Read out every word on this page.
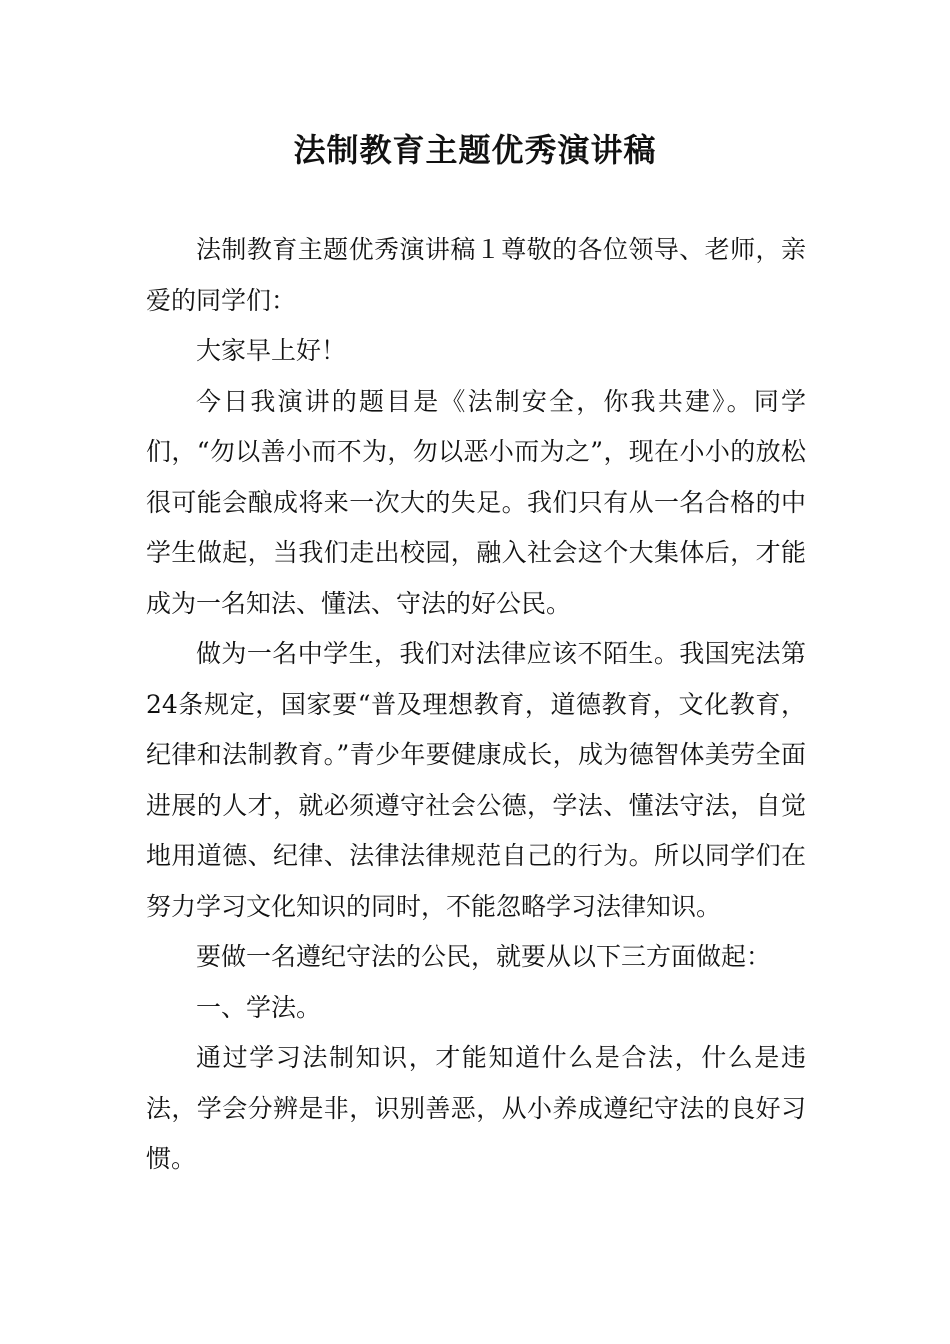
法制教育主题优秀演讲稿

法制教育主题优秀演讲稿１尊敬的各位领导、老师，亲爱的同学们：

大家早上好！

今日我演讲的题目是《法制安全，你我共建》。同学们，“勿以善小而不为，勿以恶小而为之”，现在小小的放松很可能会酿成将来一次大的失足。我们只有从一名合格的中学生做起，当我们走出校园，融入社会这个大集体后，才能成为一名知法、懂法、守法的好公民。

做为一名中学生，我们对法律应该不陌生。我国宪法第24条规定，国家要“普及理想教育，道德教育，文化教育，纪律和法制教育。”青少年要健康成长，成为德智体美劳全面进展的人才，就必须遵守社会公德，学法、懂法守法，自觉地用道德、纪律、法律法律规范自己的行为。所以同学们在努力学习文化知识的同时，不能忽略学习法律知识。

要做一名遵纪守法的公民，就要从以下三方面做起：

一、学法。

通过学习法制知识，才能知道什么是合法，什么是违法，学会分辨是非，识别善恶，从小养成遵纪守法的良好习惯。
